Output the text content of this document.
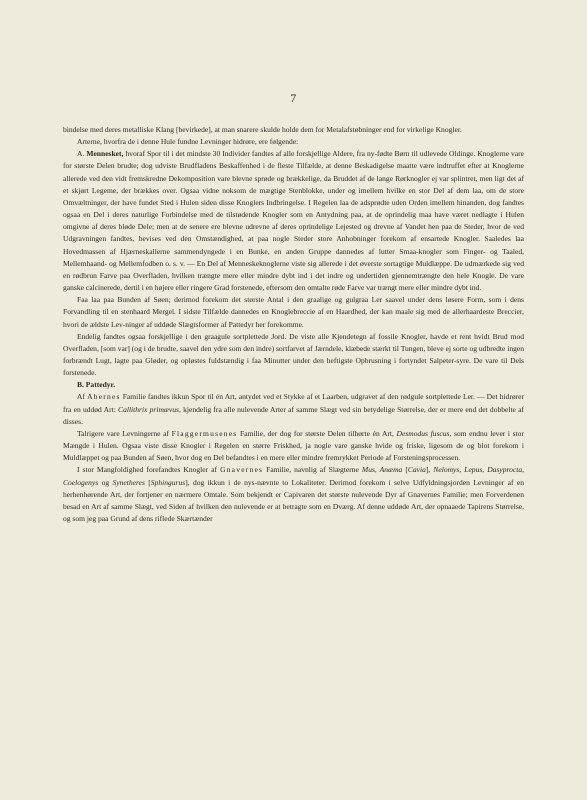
7

bindelse med deres metalliske Klang [bevirkede], at man snarere skulde holde dem for Metalafstøbninger end for virkelige Knogler.

Arterne, hvorfra de i denne Hule fundne Levninger hidrøre, ere følgende:

A. Mennesket, hvoraf Spor til i det mindste 30 Individer fandtes af alle forskjellige Aldere, fra ny-fødte Børn til udlevede Oldinge. Knoglerne vare for største Delen brudte; dog udviste Brudfladens Beskaffenhed i de fleste Tilfælde, at denne Beskadigelse maatte være indtruffet efter at Knoglerne allerede ved den vidt fremskredne Dekomposition vare blevne sprøde og brækkelige, da Bruddet af de lange Rørknogler ej var splintret, men ligt det af et skjørt Legeme, der brækkes over. Ogsaa vidne noksom de mægtige Stenblokke, under og imellem hvilke en stor Del af dem laa, om de store Omvæltninger, der have fundet Sted i Hulen siden disse Knoglers Indbringelse. I Regelen laa de adsprødte uden Orden imellem hinanden, dog fandtes ogsaa en Del i deres naturlige Forbindelse med de tilstødende Knogler som en Antydning paa, at de oprindelig maa have været nedlagte i Hulen omgivne af deres bløde Dele; men at de senere ere blevne udrevne af deres oprindelige Lejested og drevne af Vandet hen paa de Steder, hvor de ved Udgravningen fandtes, bevises ved den Omstændighed, at paa nogle Steder store Anhobninger forekom af ensartede Knogler. Saaledes laa Hovedmassen af Hjærneskallerne sammendyngede i en Bunke, en anden Gruppe dannedes af lutter Smaa-knogler som Finger- og Taaled, Mellemhaand- og Mellemfodben o. s. v. — En Del af Menneskeknoglerne viste sig allerede i det øverste sortagtige Muldlæppe. De udmærkede sig ved en rødbrun Farve paa Overfladen, hvilken trængte mere eller mindre dybt ind i det indre og undertiden gjennemtrængte den hele Knogle. De vare ganske calcinerede, dertil i en højere eller ringere Grad forstenede, eftersom den omtalte røde Farve var trængt mere eller mindre dybt ind.

Faa laa paa Bunden af Søen; derimod forekom det største Antal i den graalige og gulgraa Ler saavel under dens løsere Form, som i dens Forvandling til en stenhaard Mergel. I sidste Tilfælde dannedes en Knoglebreccie af en Haardhed, der kan maale sig med de allerhaardeste Breccier, hvori de ældste Lev-ninger af uddøde Slægtsformer af Pattedyr her forekomme.

Endelig fandtes ogsaa forskjellige i den graagule sortplettede Jord. De viste alle Kjendetegn af fossile Knogler, havde et rent hvidt Brud mod Overfladen, [som var] (og i de brudte, saavel den ydre som den indre) sortfarvet af Jærndele, klæbede stærkt til Tungen, bleve ej sorte og udbredte ingen forbrændt Lugt, lagte paa Gløder, og opløstes fuldstændig i faa Minutter under den heftigste Opbrusning i fortyndet Salpeter-syre. De vare til Dels forstenede.

B. Pattedyr.

Af Abernes Familie fandtes ikkun Spor til én Art, antydet ved et Stykke af et Laarben, udgravet af den rødgule sortplettede Ler. — Det hidrører fra en uddød Art: Callithrix primævus, kjendelig fra alle nulevende Arter af samme Slægt ved sin betydelige Størrelse, der er mere end det dobbelte af disses.

Talrigere vare Levningerne af Flaggermusenes Familie, der dog for største Delen tilhørte én Art, Desmodus fuscus, som endnu lever i stor Mængde i Hulen. Ogsaa viste disse Knogler i Regelen en større Friskhed, ja nogle vare ganske hvide og friske, ligesom de og blot forekom i Muldlæppet og paa Bunden af Søen, hvor dog en Del befandtes i en mere eller mindre fremrykket Periode af Forsteningsprocessen.

I stor Mangfoldighed forefandtes Knogler af Gnavernes Familie, navnlig af Slægterne Mus, Anæma [Cavia], Nelomys, Lepus, Dasyprocta, Coelogenys og Synetheres [Sphingurus], dog ikkun i de nys-nævnte to Lokaliteter. Derimod forekom i selve Udfyldningsjorden Levninger af en herhenhørende Art, der fortjener en nærmere Omtale. Som bekjendt er Capivaren det største nulevende Dyr af Gnavernes Familie; men Forverdenen besad en Art af samme Slægt, ved Siden af hvilken den nulevende er at betragte som en Dværg. Af denne uddøde Art, der opnaaede Tapirens Størrelse, og som jeg paa Grund af dens riflede Skærtænder
